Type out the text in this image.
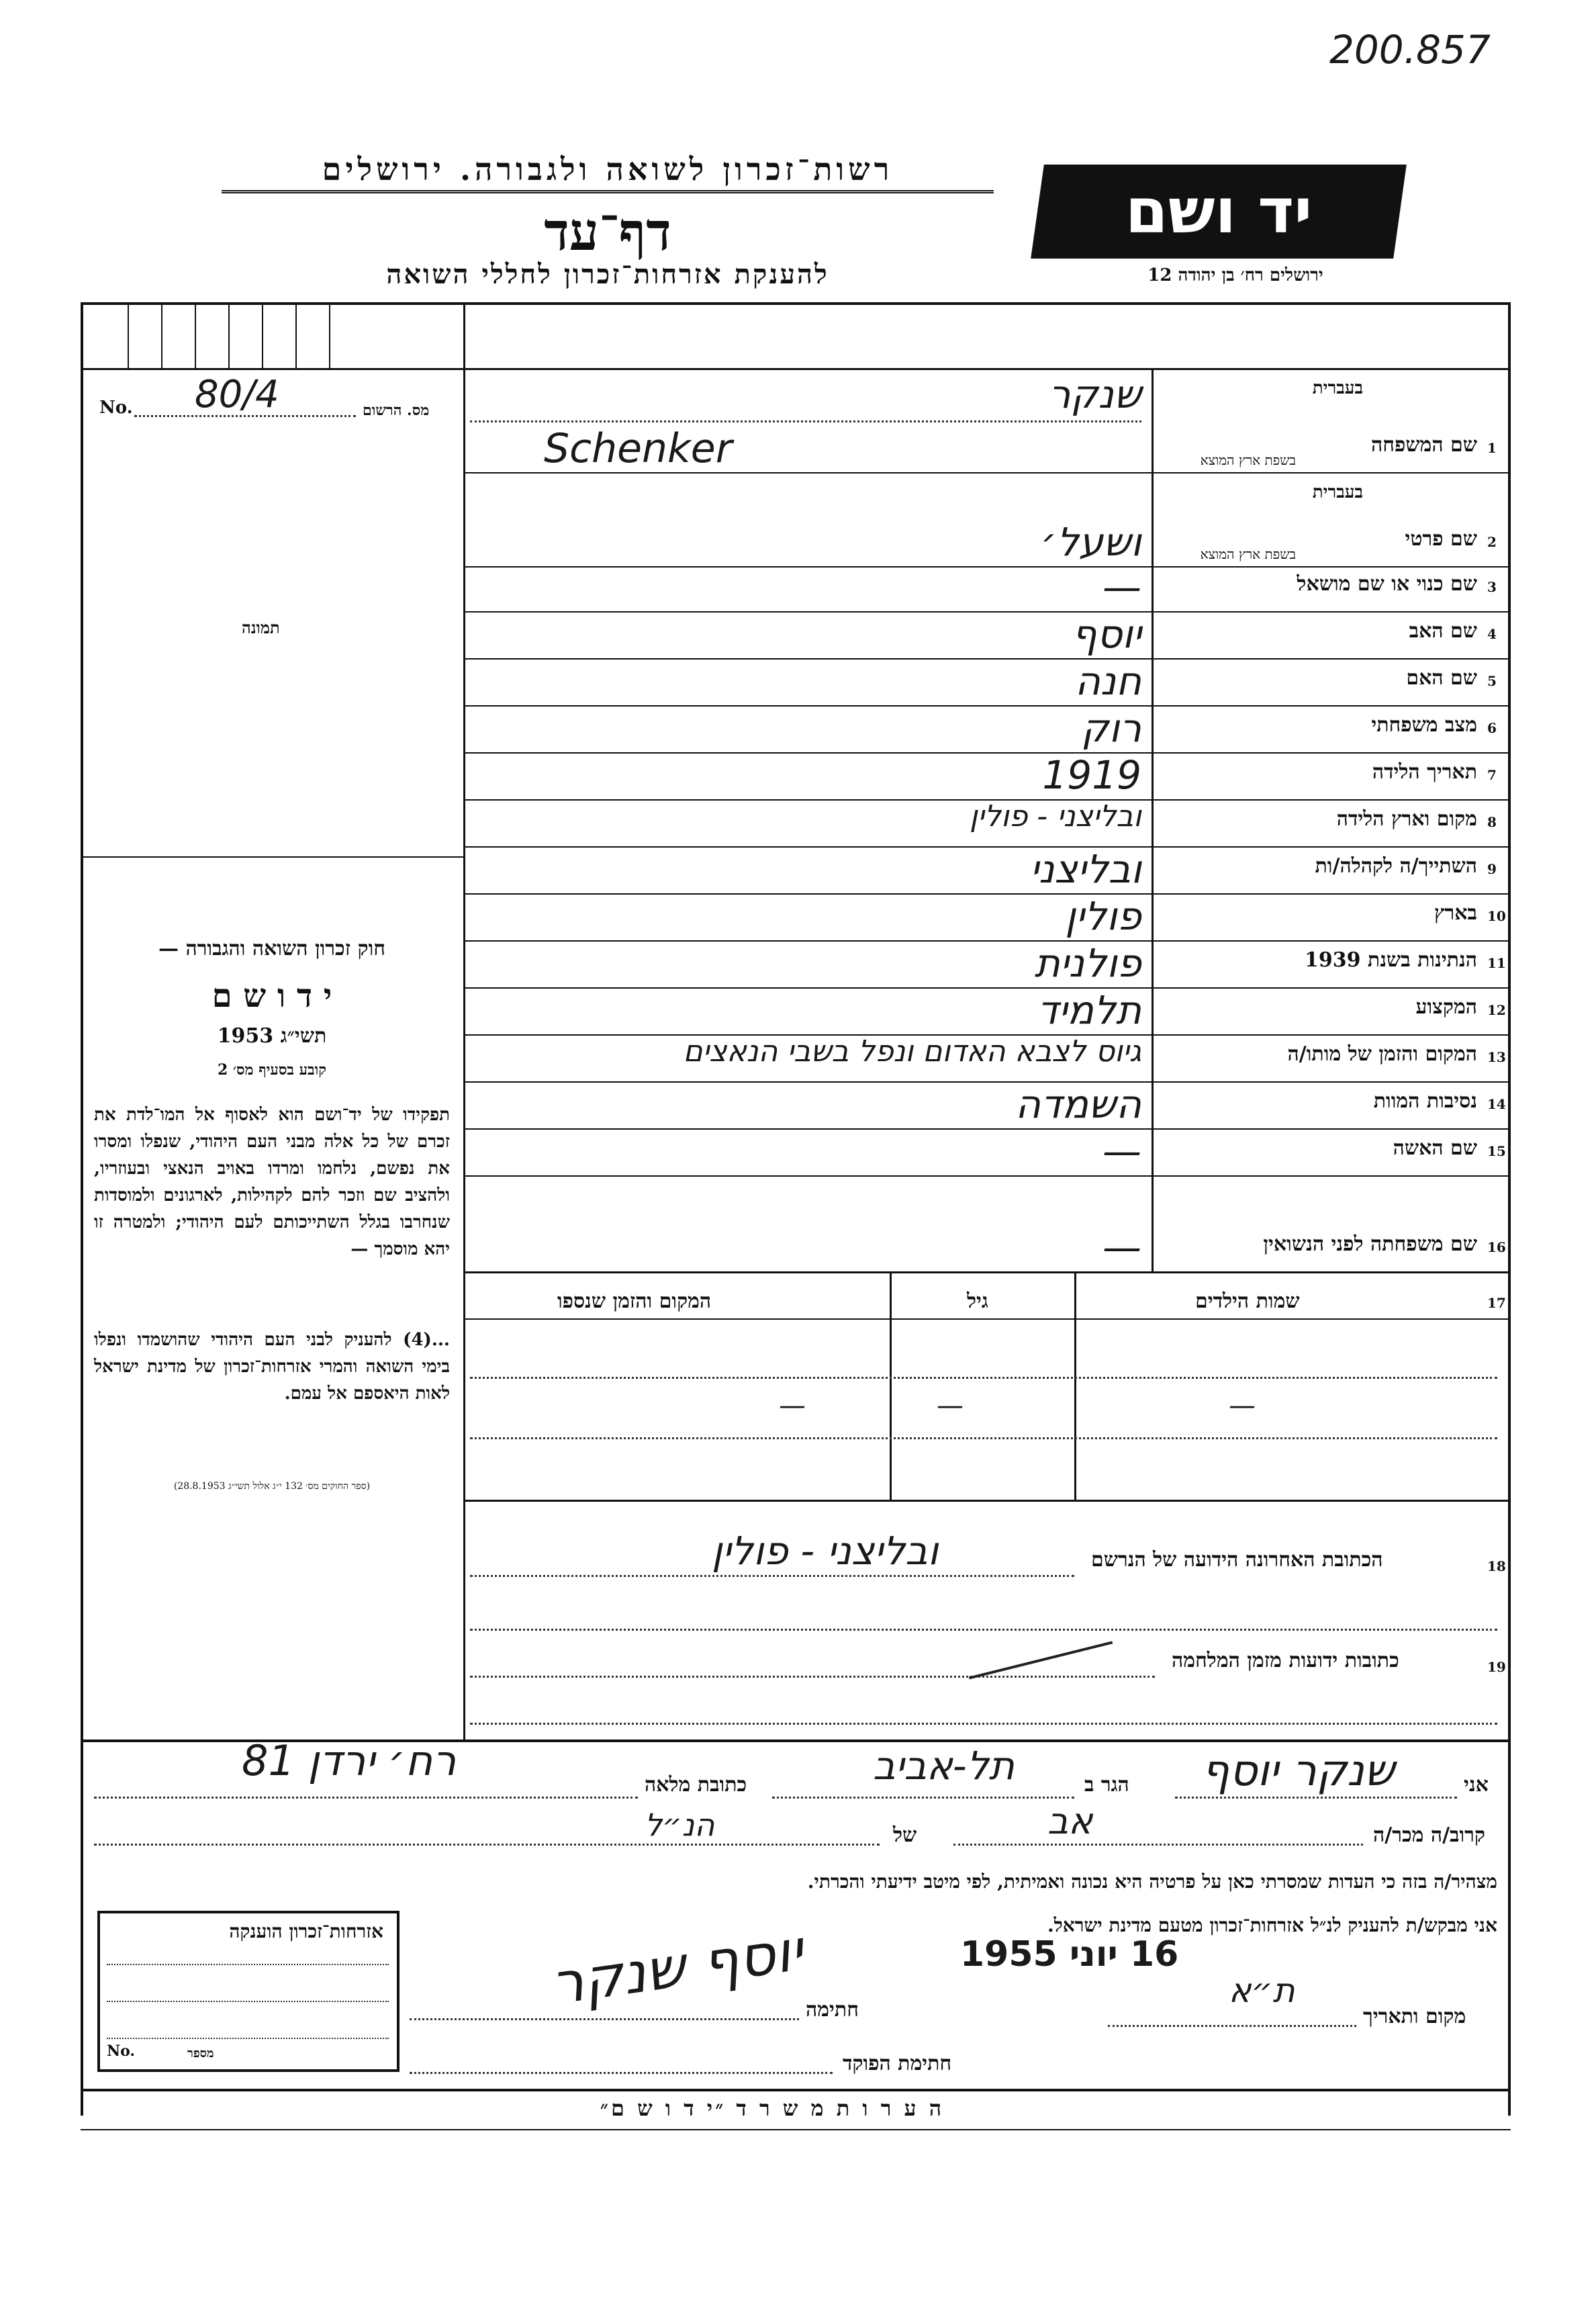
200.857
רשות־זכרון לשואה ולגבורה. ירושלים
דף־עד
להענקת אזרחות־זכרון לחללי השואה
יד ושם
ירושלים רח׳ בן יהודה 12
מס. הרשום
No. 80/4
תמונה
חוק זכרון השואה והגבורה —
י ד ו ש ם
תשי״ג 1953
קובע בסעיף מס׳ 2
תפקידו של יד־ושם הוא לאסוף אל המו־לדת את זכרם של כל אלה מבני העם היהודי, שנפלו ומסרו את נפשם, נלחמו ומרדו באויב הנאצי ובעוזריו, ולהציב שם וזכר להם לקהילות, לארגונים ולמוסדות שנחרבו בגלל השתייכותם לעם היהודי; ולמטרה זו יהא מוסמך —
...(4) להעניק לבני העם היהודי שהושמדו ונפלו בימי השואה והמרי אזרחות־זכרון של מדינת ישראל לאות היאספם אל עמם.
(ספר החוקים מס׳ 132 י״ג אלול תשי״ג 28.8.1953)
1
שם המשפחה
בעברית
בשפת ארץ המוצא
שנקר
Schenker
2
שם פרטי
בעברית
בשפת ארץ המוצא
ושעל׳
3
שם כנוי או שם מושאל
—
4
שם האב
יוסף
5
שם האם
חנה
6
מצב משפחתי
רוק
7
תאריך הלידה
1919
8
מקום וארץ הלידה
ובליצני - פולין
9
השתייך/ה לקהלה/ות
ובליצני
10
בארץ
פולין
11
הנתינות בשנת 1939
פולנית
12
המקצוע
תלמיד
13
המקום והזמן של מותו/ה
גיוס לצבא האדום ונפל בשבי הנאצים
14
נסיבות המוות
השמדה
15
שם האשה
—
16
שם משפחתה לפני הנשואין
—
17
שמות הילדים
גיל
המקום והזמן שנספו
—
—
—
18
הכתובת האחרונה הידועה של הנרשם
ובליצני - פולין
19
כתובות ידועות מזמן המלחמה
אני
שנקר יוסף
הגר ב
תל-אביב
כתובת מלאה
רח׳ ירדן 81
קרוב/ה מכר/ה
אב
של
הנ״ל
מצהיר/ה בזה כי העדות שמסרתי כאן על פרטיה היא נכונה ואמיתית, לפי מיטב ידיעתי והכרתי.
אני מבקש/ת להעניק לנ״ל אזרחות־זכרון מטעם מדינת ישראל.
16 יוני 1955
מקום ותאריך
ת״א
חתימה
יוסף שנקר
חתימת הפוקד
אזרחות־זכרון הוענקה
מספר
No.
ה ע ר ו ת מ ש ר ד ״י ד ו ש ם״
